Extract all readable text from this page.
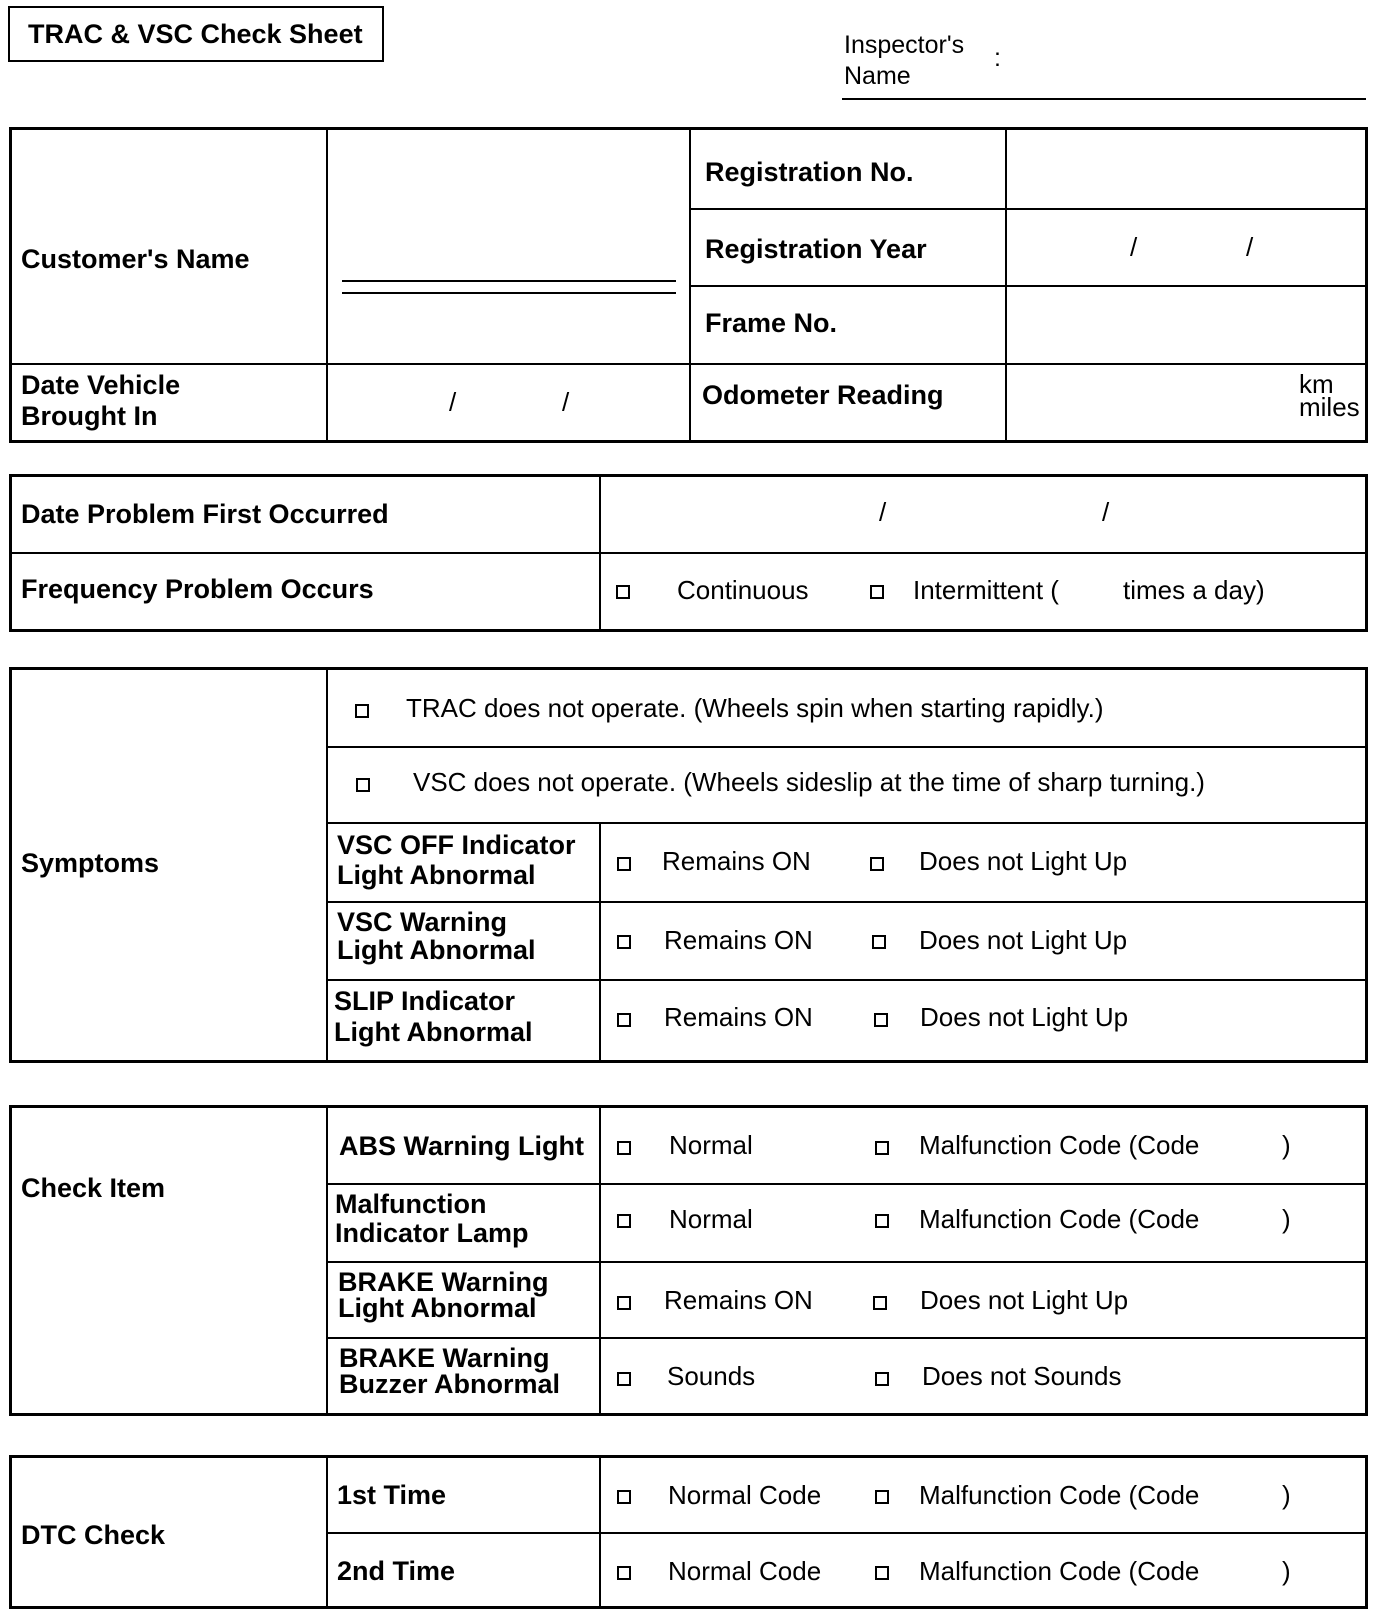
TRAC & VSC Check Sheet	Inspector's
Name
:
Customer's Name
Registration No.
Registration Year	/	/
Frame No.
Date Vehicle
Brought In	/	/	Odometer Reading	km
miles
Date Problem First Occurred	/	/
Frequency Problem Occurs	Continuous	Intermittent ( times a day)
Symptoms
TRAC does not operate. (Wheels spin when starting rapidly.)
VSC does not operate. (Wheels sideslip at the time of sharp turning.)
VSC OFF Indicator
Light Abnormal	Remains ON	Does not Light Up
VSC Warning
Light Abnormal	Remains ON	Does not Light Up
SLIP Indicator
Light Abnormal	Remains ON	Does not Light Up
Check Item
ABS Warning Light	Normal	Malfunction Code (Code	)
Malfunction
Indicator Lamp	Normal	Malfunction Code (Code	)
BRAKE Warning
Light Abnormal	Remains ON	Does not Light Up
BRAKE Warning
Buzzer Abnormal	Sounds	Does not Sounds
DTC Check
1st Time	Normal Code	Malfunction Code (Code	)
2nd Time	Normal Code	Malfunction Code (Code	)
